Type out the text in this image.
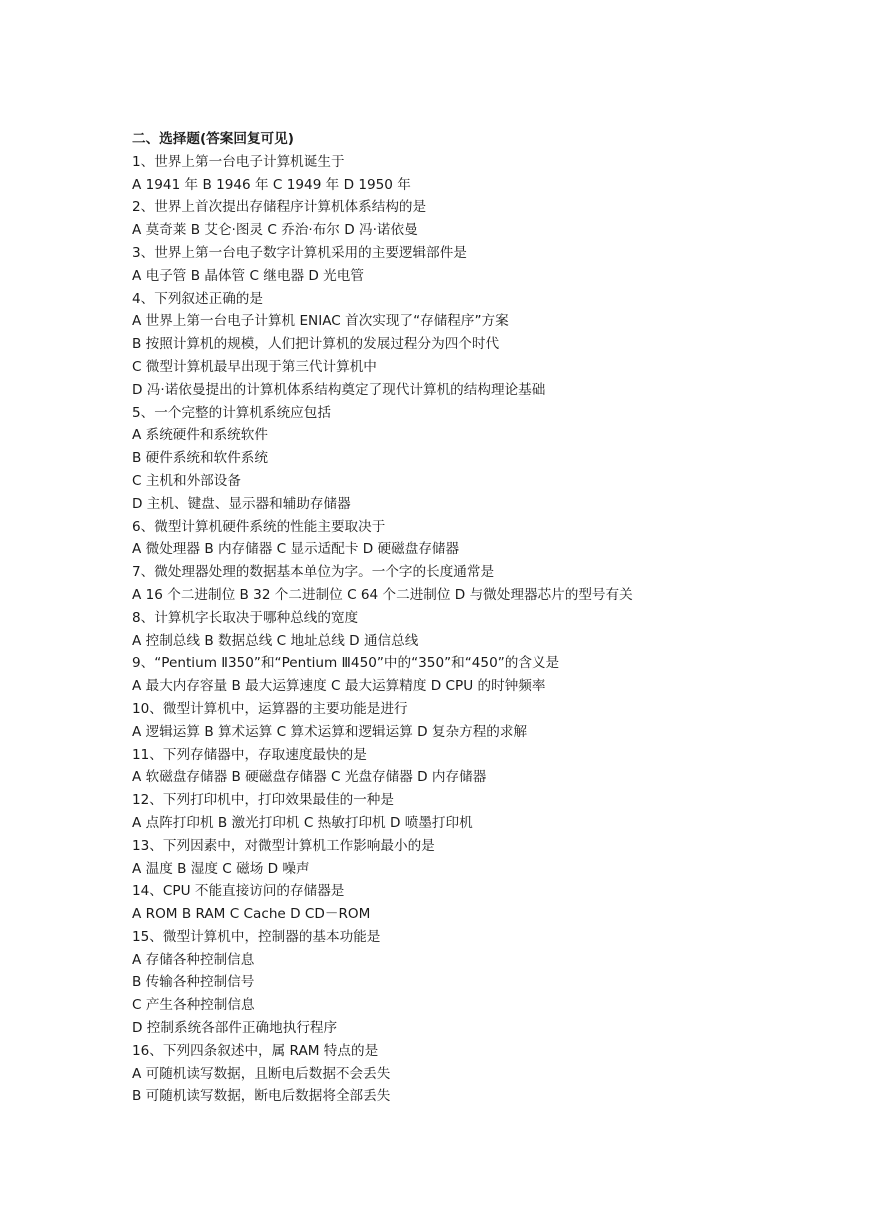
二、选择题(答案回复可见)
1、世界上第一台电子计算机诞生于
A 1941 年 B 1946 年 C 1949 年 D 1950 年
2、世界上首次提出存储程序计算机体系结构的是
A 莫奇莱 B 艾仑·图灵 C 乔治·布尔 D 冯·诺依曼
3、世界上第一台电子数字计算机采用的主要逻辑部件是
A 电子管 B 晶体管 C 继电器 D 光电管
4、下列叙述正确的是
A 世界上第一台电子计算机 ENIAC 首次实现了“存储程序”方案
B 按照计算机的规模，人们把计算机的发展过程分为四个时代
C 微型计算机最早出现于第三代计算机中
D 冯·诺依曼提出的计算机体系结构奠定了现代计算机的结构理论基础
5、一个完整的计算机系统应包括
A 系统硬件和系统软件
B 硬件系统和软件系统
C 主机和外部设备
D 主机、键盘、显示器和辅助存储器
6、微型计算机硬件系统的性能主要取决于
A 微处理器 B 内存储器 C 显示适配卡 D 硬磁盘存储器
7、微处理器处理的数据基本单位为字。一个字的长度通常是
A 16 个二进制位 B 32 个二进制位 C 64 个二进制位 D 与微处理器芯片的型号有关
8、计算机字长取决于哪种总线的宽度
A 控制总线 B 数据总线 C 地址总线 D 通信总线
9、“Pentium Ⅱ350”和“Pentium Ⅲ450”中的“350”和“450”的含义是
A 最大内存容量 B 最大运算速度 C 最大运算精度 D CPU 的时钟频率
10、微型计算机中，运算器的主要功能是进行
A 逻辑运算 B 算术运算 C 算术运算和逻辑运算 D 复杂方程的求解
11、下列存储器中，存取速度最快的是
A 软磁盘存储器 B 硬磁盘存储器 C 光盘存储器 D 内存储器
12、下列打印机中，打印效果最佳的一种是
A 点阵打印机 B 激光打印机 C 热敏打印机 D 喷墨打印机
13、下列因素中，对微型计算机工作影响最小的是
A 温度 B 湿度 C 磁场 D 噪声
14、CPU 不能直接访问的存储器是
A ROM B RAM C Cache D CD－ROM
15、微型计算机中，控制器的基本功能是
A 存储各种控制信息
B 传输各种控制信号
C 产生各种控制信息
D 控制系统各部件正确地执行程序
16、下列四条叙述中，属 RAM 特点的是
A 可随机读写数据，且断电后数据不会丢失
B 可随机读写数据，断电后数据将全部丢失
